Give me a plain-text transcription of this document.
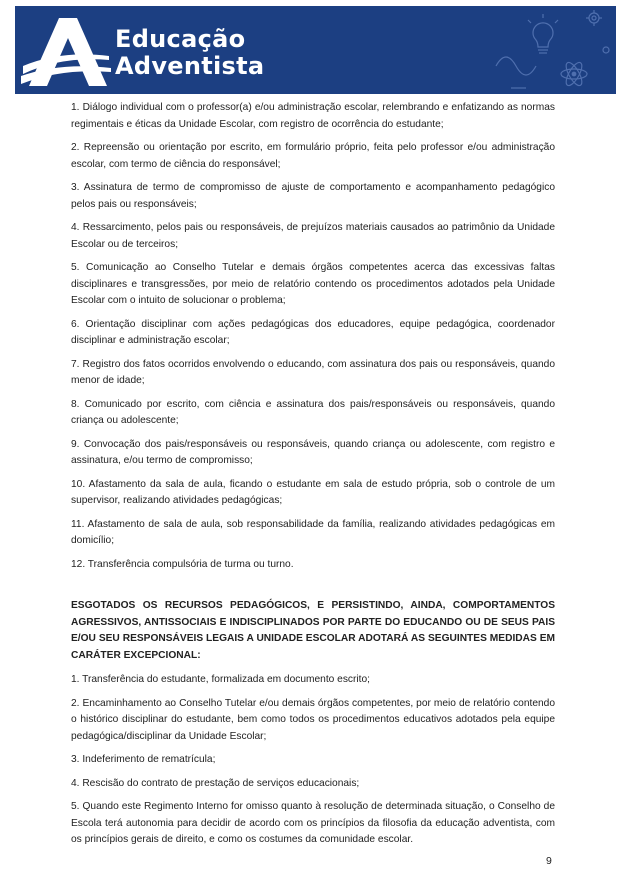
Educação
Adventista

1. Diálogo individual com o professor(a) e/ou administração escolar, relembrando e enfatizando as normas regimentais e éticas da Unidade Escolar, com registro de ocorrência do estudante;

2. Repreensão ou orientação por escrito, em formulário próprio, feita pelo professor e/ou administração escolar, com termo de ciência do responsável;

3. Assinatura de termo de compromisso de ajuste de comportamento e acompanhamento pedagógico pelos pais ou responsáveis;

4. Ressarcimento, pelos pais ou responsáveis, de prejuízos materiais causados ao patrimônio da Unidade Escolar ou de terceiros;

5. Comunicação ao Conselho Tutelar e demais órgãos competentes acerca das excessivas faltas disciplinares e transgressões, por meio de relatório contendo os procedimentos adotados pela Unidade Escolar com o intuito de solucionar o problema;

6. Orientação disciplinar com ações pedagógicas dos educadores, equipe pedagógica, coordenador disciplinar e administração escolar;

7. Registro dos fatos ocorridos envolvendo o educando, com assinatura dos pais ou responsáveis, quando menor de idade;

8. Comunicado por escrito, com ciência e assinatura dos pais/responsáveis ou responsáveis, quando criança ou adolescente;

9. Convocação dos pais/responsáveis ou responsáveis, quando criança ou adolescente, com registro e assinatura, e/ou termo de compromisso;

10. Afastamento da sala de aula, ficando o estudante em sala de estudo própria, sob o controle de um supervisor, realizando atividades pedagógicas;

11. Afastamento de sala de aula, sob responsabilidade da família, realizando atividades pedagógicas em domicílio;

12. Transferência compulsória de turma ou turno.

ESGOTADOS OS RECURSOS PEDAGÓGICOS, E PERSISTINDO, AINDA, COMPORTAMENTOS AGRESSIVOS, ANTISSOCIAIS E INDISCIPLINADOS POR PARTE DO EDUCANDO OU DE SEUS PAIS E/OU SEU RESPONSÁVEIS LEGAIS A UNIDADE ESCOLAR ADOTARÁ AS SEGUINTES MEDIDAS EM CARÁTER EXCEPCIONAL:

1. Transferência do estudante, formalizada em documento escrito;

2. Encaminhamento ao Conselho Tutelar e/ou demais órgãos competentes, por meio de relatório contendo o histórico disciplinar do estudante, bem como todos os procedimentos educativos adotados pela equipe pedagógica/disciplinar da Unidade Escolar;

3. Indeferimento de rematrícula;

4. Rescisão do contrato de prestação de serviços educacionais;

5. Quando este Regimento Interno for omisso quanto à resolução de determinada situação, o Conselho de Escola terá autonomia para decidir de acordo com os princípios da filosofia da educação adventista, com os princípios gerais de direito, e como os costumes da comunidade escolar.

9
